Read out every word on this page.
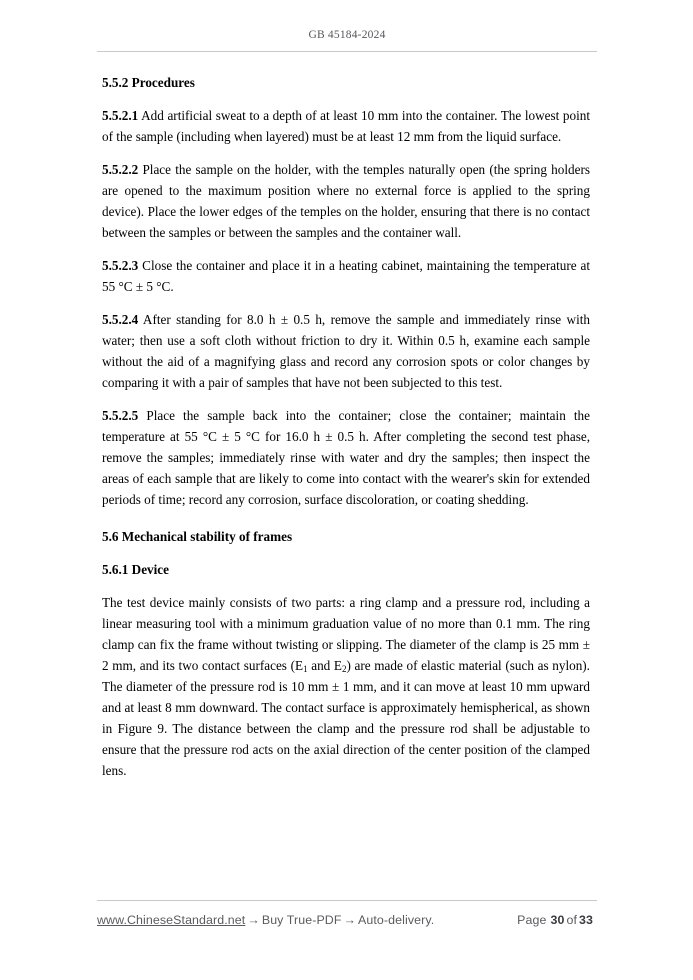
GB 45184-2024
5.5.2 Procedures

5.5.2.1 Add artificial sweat to a depth of at least 10 mm into the container. The lowest point of the sample (including when layered) must be at least 12 mm from the liquid surface.

5.5.2.2 Place the sample on the holder, with the temples naturally open (the spring holders are opened to the maximum position where no external force is applied to the spring device). Place the lower edges of the temples on the holder, ensuring that there is no contact between the samples or between the samples and the container wall.

5.5.2.3 Close the container and place it in a heating cabinet, maintaining the temperature at 55 °C ± 5 °C.

5.5.2.4 After standing for 8.0 h ± 0.5 h, remove the sample and immediately rinse with water; then use a soft cloth without friction to dry it. Within 0.5 h, examine each sample without the aid of a magnifying glass and record any corrosion spots or color changes by comparing it with a pair of samples that have not been subjected to this test.

5.5.2.5 Place the sample back into the container; close the container; maintain the temperature at 55 °C ± 5 °C for 16.0 h ± 0.5 h. After completing the second test phase, remove the samples; immediately rinse with water and dry the samples; then inspect the areas of each sample that are likely to come into contact with the wearer's skin for extended periods of time; record any corrosion, surface discoloration, or coating shedding.

5.6 Mechanical stability of frames
5.6.1 Device

The test device mainly consists of two parts: a ring clamp and a pressure rod, including a linear measuring tool with a minimum graduation value of no more than 0.1 mm. The ring clamp can fix the frame without twisting or slipping. The diameter of the clamp is 25 mm ± 2 mm, and its two contact surfaces ($E_1$ and $E_2$) are made of elastic material (such as nylon). The diameter of the pressure rod is 10 mm ± 1 mm, and it can move at least 10 mm upward and at least 8 mm downward. The contact surface is approximately hemispherical, as shown in Figure 9. The distance between the clamp and the pressure rod shall be adjustable to ensure that the pressure rod acts on the axial direction of the center position of the clamped lens.

www.ChineseStandard.net → Buy True-PDF → Auto-delivery.	Page 30 of 33
